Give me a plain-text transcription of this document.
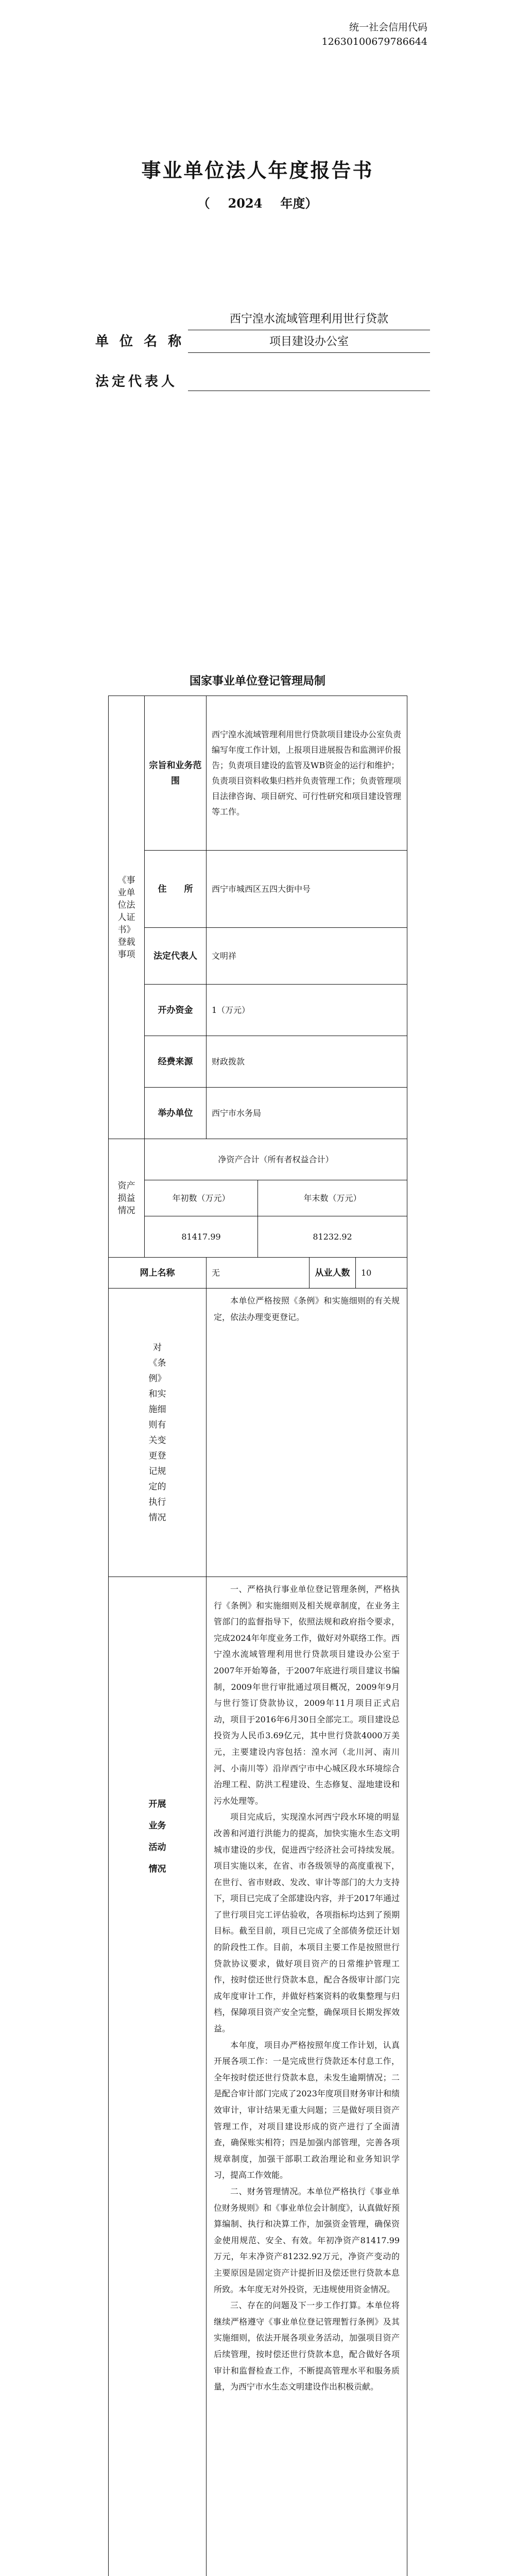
统一社会信用代码
12630100679786644
事业单位法人年度报告书
（ 2024 年度）
单 位 名 称
西宁湟水流域管理利用世行贷款
项目建设办公室
法定代表人
国家事业单位登记管理局制
《事业单位法人证书》登载事项	宗旨和业务范围	西宁湟水流域管理利用世行贷款项目建设办公室负责编写年度工作计划，上报项目进展报告和监测评价报告；负责项目建设的监管及WB资金的运行和维护；负责项目资料收集归档并负责管理工作；负责管理项目法律咨询、项目研究、可行性研究和项目建设管理等工作。			
	住　　所	西宁市城西区五四大街中号			
	法定代表人	文明祥			
	开办资金	1（万元）			
	经费来源	财政拨款			
	举办单位	西宁市水务局			

资产损益情况	净资产合计（所有者权益合计）				
	年初数（万元）		年末数（万元）		
	81417.99		81232.92		
网上名称		无		从业人数	10

对《条例》和实施细则有关变更登记规定的执行情况		本单位严格按照《条例》和实施细则的有关规定，依法办理变更登记。			

开展业务活动情况		一、严格执行事业单位登记管理条例，严格执行《条例》和实施细则及相关规章制度，在业务主管部门的监督指导下，依照法规和政府指令要求，完成2024年年度业务工作，做好对外联络工作。西宁湟水流域管理利用世行贷款项目建设办公室于2007年开始筹备，于2007年底进行项目建议书编制，2009年世行审批通过项目概况，2009年9月与世行签订贷款协议，2009年11月项目正式启动，项目于2016年6月30日全部完工。项目建设总投资为人民币3.69亿元，其中世行贷款4000万美元，主要建设内容包括：湟水河（北川河、南川河、小南川等）沿岸西宁市中心城区段水环境综合治理工程、防洪工程建设、生态修复、湿地建设和污水处理等。

项目完成后，实现湟水河西宁段水环境的明显改善和河道行洪能力的提高，加快实施水生态文明城市建设的步伐，促进西宁经济社会可持续发展。项目实施以来，在省、市各级领导的高度重视下，在世行、省市财政、发改、审计等部门的大力支持下，项目已完成了全部建设内容，并于2017年通过了世行项目完工评估验收，各项指标均达到了预期目标。截至目前，项目已完成了全部债务偿还计划的阶段性工作。目前，本项目主要工作是按照世行贷款协议要求，做好项目资产的日常维护管理工作，按时偿还世行贷款本息，配合各级审计部门完成年度审计工作，并做好档案资料的收集整理与归档，保障项目资产安全完整，确保项目长期发挥效益。

本年度，项目办严格按照年度工作计划，认真开展各项工作：一是完成世行贷款还本付息工作，全年按时偿还世行贷款本息，未发生逾期情况；二是配合审计部门完成了2023年度项目财务审计和绩效审计，审计结果无重大问题；三是做好项目资产管理工作，对项目建设形成的资产进行了全面清查，确保账实相符；四是加强内部管理，完善各项规章制度，加强干部职工政治理论和业务知识学习，提高工作效能。

二、财务管理情况。本单位严格执行《事业单位财务规则》和《事业单位会计制度》，认真做好预算编制、执行和决算工作，加强资金管理，确保资金使用规范、安全、有效。年初净资产81417.99万元，年末净资产81232.92万元，净资产变动的主要原因是固定资产计提折旧及偿还世行贷款本息所致。本年度无对外投资，无违规使用资金情况。

三、存在的问题及下一步工作打算。本单位将继续严格遵守《事业单位登记管理暂行条例》及其实施细则，依法开展各项业务活动，加强项目资产后续管理，按时偿还世行贷款本息，配合做好各项审计和监督检查工作，不断提高管理水平和服务质量，为西宁市水生态文明建设作出积极贡献。			
